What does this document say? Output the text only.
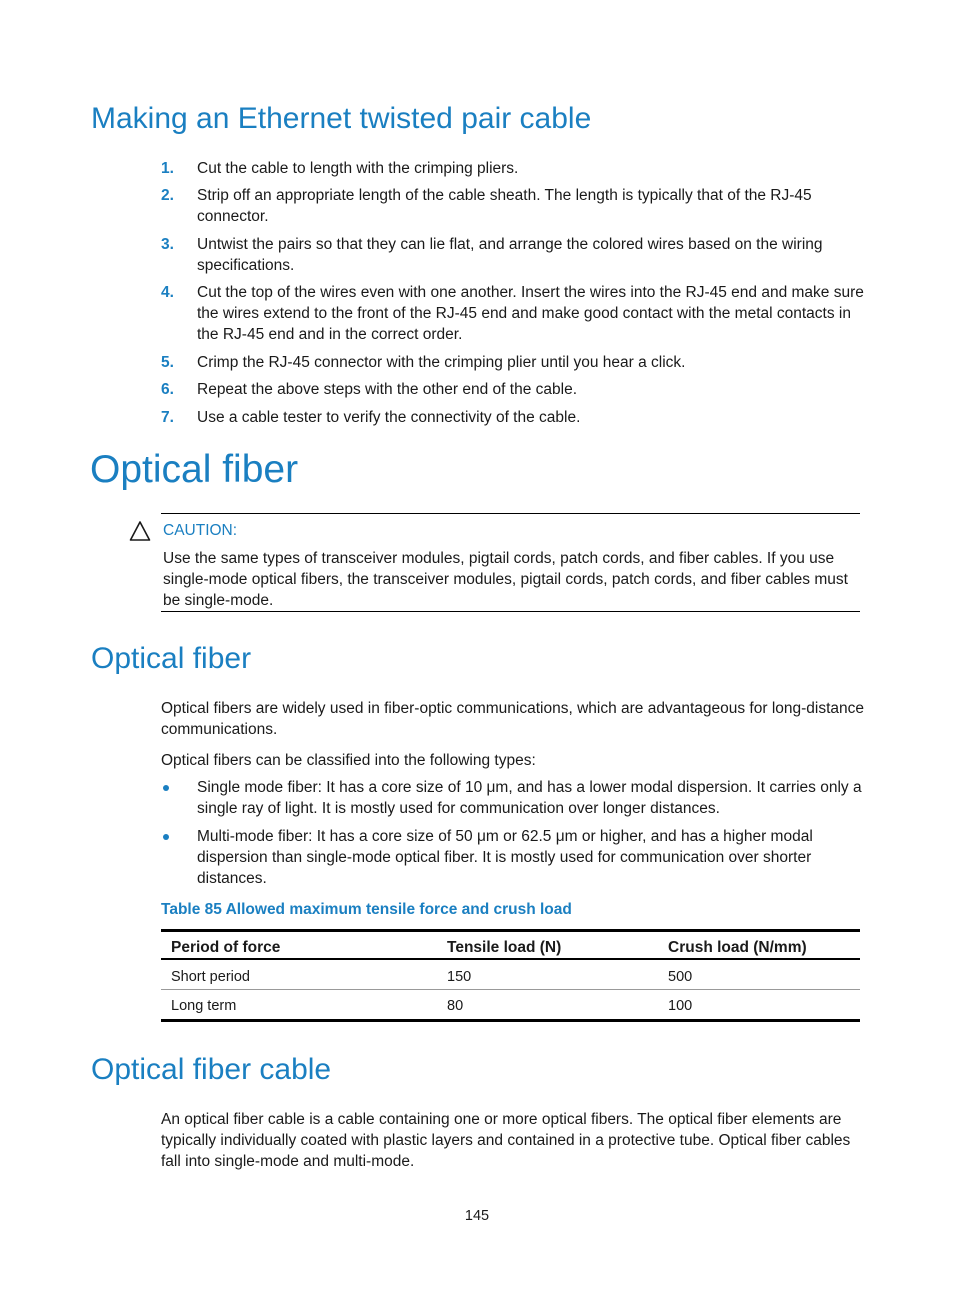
Making an Ethernet twisted pair cable
1. Cut the cable to length with the crimping pliers.
2. Strip off an appropriate length of the cable sheath. The length is typically that of the RJ-45 connector.
3. Untwist the pairs so that they can lie flat, and arrange the colored wires based on the wiring specifications.
4. Cut the top of the wires even with one another. Insert the wires into the RJ-45 end and make sure the wires extend to the front of the RJ-45 end and make good contact with the metal contacts in the RJ-45 end and in the correct order.
5. Crimp the RJ-45 connector with the crimping plier until you hear a click.
6. Repeat the above steps with the other end of the cable.
7. Use a cable tester to verify the connectivity of the cable.
Optical fiber
CAUTION:
Use the same types of transceiver modules, pigtail cords, patch cords, and fiber cables. If you use single-mode optical fibers, the transceiver modules, pigtail cords, patch cords, and fiber cables must be single-mode.
Optical fiber
Optical fibers are widely used in fiber-optic communications, which are advantageous for long-distance communications.
Optical fibers can be classified into the following types:
Single mode fiber: It has a core size of 10 μm, and has a lower modal dispersion. It carries only a single ray of light. It is mostly used for communication over longer distances.
Multi-mode fiber: It has a core size of 50 μm or 62.5 μm or higher, and has a higher modal dispersion than single-mode optical fiber. It is mostly used for communication over shorter distances.
Table 85 Allowed maximum tensile force and crush load
Period of force	Tensile load (N)	Crush load (N/mm)
Short period	150	500
Long term	80	100
Optical fiber cable
An optical fiber cable is a cable containing one or more optical fibers. The optical fiber elements are typically individually coated with plastic layers and contained in a protective tube. Optical fiber cables fall into single-mode and multi-mode.
145
